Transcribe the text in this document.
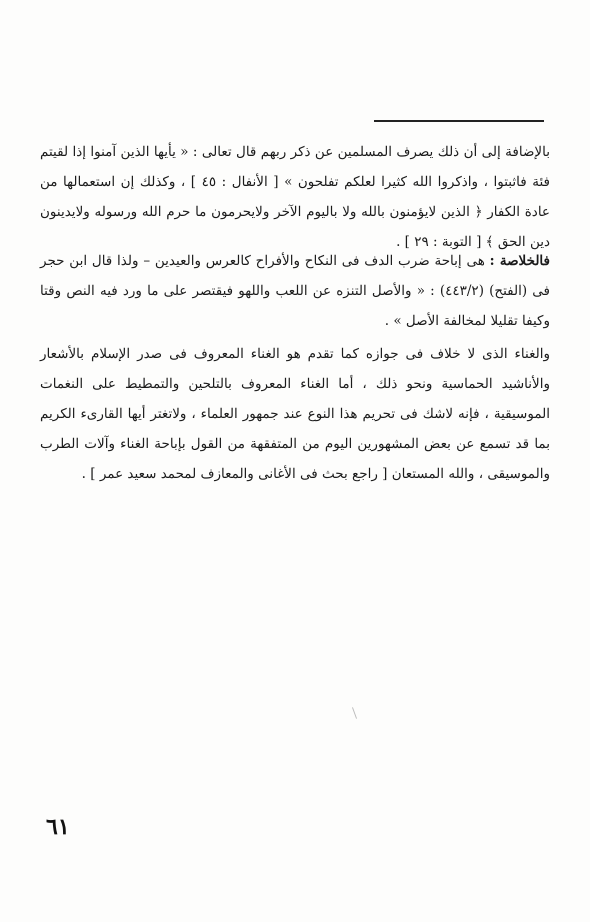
بالإضافة إلى أن ذلك يصرف المسلمين عن ذكر ربهم قال تعالى : « يأيها الذين آمنوا إذا لقيتم فئة فاثبتوا ، واذكروا الله كثيرا لعلكم تفلحون » [ الأنفال : ٤٥ ] ، وكذلك إن استعمالها من عادة الكفار ﴿ الذين لايؤمنون بالله ولا باليوم الآخر ولايحرمون ما حرم الله ورسوله ولايدينون دين الحق ﴾ [ التوبة : ٢٩ ] .
فالخلاصة : هى إباحة ضرب الدف فى النكاح والأفراح كالعرس والعيدين – ولذا قال ابن حجر فى (الفتح) (٤٤٣/٢) : « والأصل التنزه عن اللعب واللهو فيقتصر على ما ورد فيه النص وقتا وكيفا تقليلا لمخالفة الأصل » .
والغناء الذى لا خلاف فى جوازه كما تقدم هو الغناء المعروف فى صدر الإسلام بالأشعار والأناشيد الحماسية ونحو ذلك ، أما الغناء المعروف بالتلحين والتمطيط على النغمات الموسيقية ، فإنه لاشك فى تحريم هذا النوع عند جمهور العلماء ، ولاتغتر أيها القارىء الكريم بما قد تسمع عن بعض المشهورين اليوم من المتفقهة من القول بإباحة الغناء وآلات الطرب والموسيقى ، والله المستعان [ راجع بحث فى الأغانى والمعازف لمحمد سعيد عمر ] .
٦١
